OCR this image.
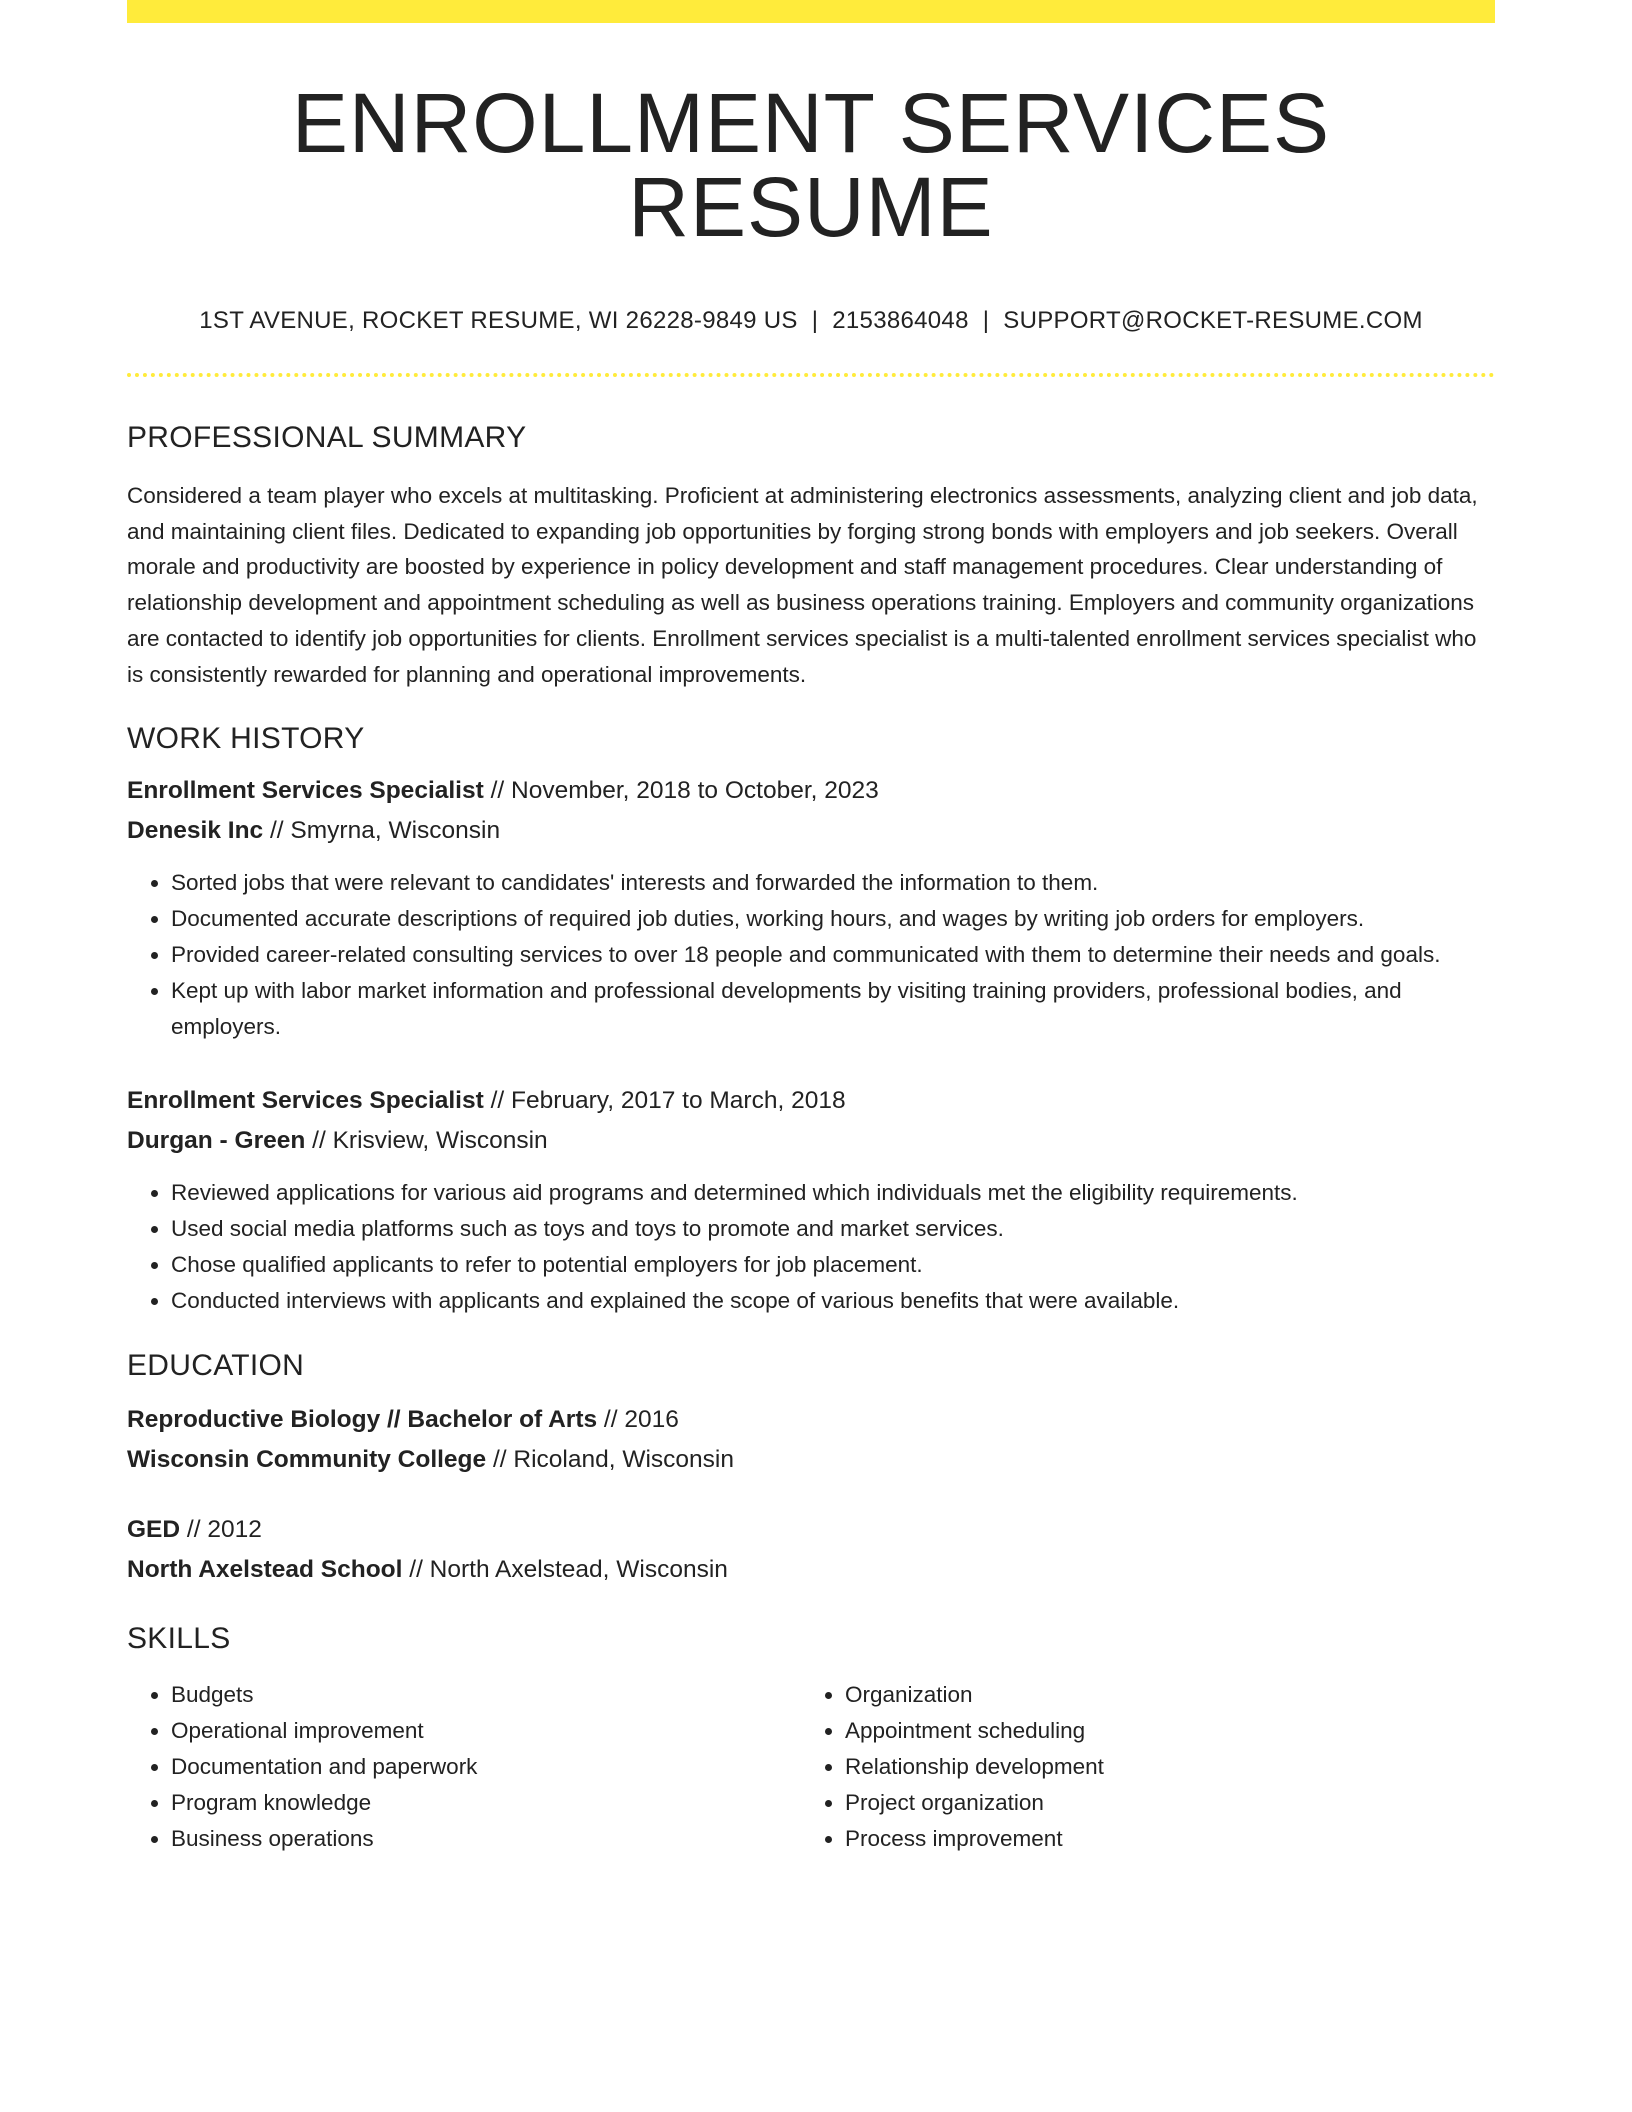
ENROLLMENT SERVICES RESUME
1ST AVENUE, ROCKET RESUME, WI 26228-9849 US | 2153864048 | SUPPORT@ROCKET-RESUME.COM
PROFESSIONAL SUMMARY

Considered a team player who excels at multitasking. Proficient at administering electronics assessments, analyzing client and job data, and maintaining client files. Dedicated to expanding job opportunities by forging strong bonds with employers and job seekers. Overall morale and productivity are boosted by experience in policy development and staff management procedures. Clear understanding of relationship development and appointment scheduling as well as business operations training. Employers and community organizations are contacted to identify job opportunities for clients. Enrollment services specialist is a multi-talented enrollment services specialist who is consistently rewarded for planning and operational improvements.

WORK HISTORY
Enrollment Services Specialist // November, 2018 to October, 2023
Denesik Inc // Smyrna, Wisconsin
• Sorted jobs that were relevant to candidates' interests and forwarded the information to them.
• Documented accurate descriptions of required job duties, working hours, and wages by writing job orders for employers.
• Provided career-related consulting services to over 18 people and communicated with them to determine their needs and goals.
• Kept up with labor market information and professional developments by visiting training providers, professional bodies, and employers.
Enrollment Services Specialist // February, 2017 to March, 2018
Durgan - Green // Krisview, Wisconsin
• Reviewed applications for various aid programs and determined which individuals met the eligibility requirements.
• Used social media platforms such as toys and toys to promote and market services.
• Chose qualified applicants to refer to potential employers for job placement.
• Conducted interviews with applicants and explained the scope of various benefits that were available.
EDUCATION
Reproductive Biology // Bachelor of Arts // 2016
Wisconsin Community College // Ricoland, Wisconsin
GED // 2012
North Axelstead School // North Axelstead, Wisconsin
SKILLS
• Budgets
• Operational improvement
• Documentation and paperwork
• Program knowledge
• Business operations
• Organization
• Appointment scheduling
• Relationship development
• Project organization
• Process improvement
